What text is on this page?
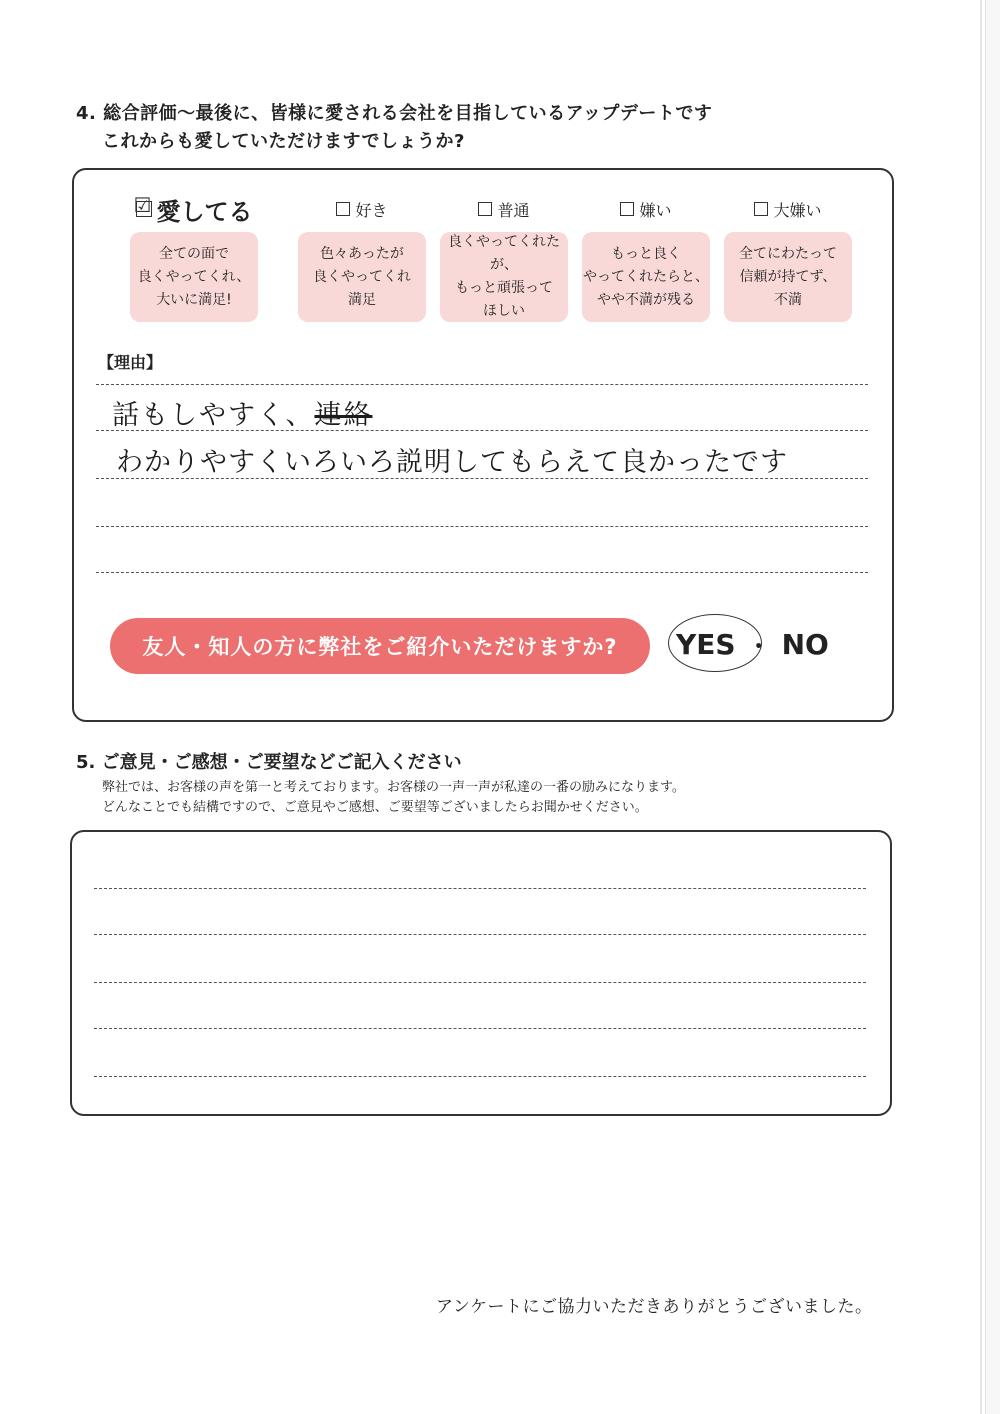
4. 総合評価〜最後に、皆様に愛される会社を目指しているアップデートです
これからも愛していただけますでしょうか?
☑ 愛してる
全ての面で
良くやってくれ、
大いに満足!
好き
色々あったが
良くやってくれ
満足
普通
良くやってくれたが、
もっと頑張って
ほしい
嫌い
もっと良く
やってくれたらと、
やや不満が残る
大嫌い
全てにわたって
信頼が持てず、
不満
【理由】
話もしやすく、連絡
わかりやすくいろいろ説明してもらえて良かったです
友人・知人の方に弊社をご紹介いただけますか?	YES ・ NO
5. ご意見・ご感想・ご要望などご記入ください
弊社では、お客様の声を第一と考えております。お客様の一声一声が私達の一番の励みになります。
どんなことでも結構ですので、ご意見やご感想、ご要望等ございましたらお聞かせください。
アンケートにご協力いただきありがとうございました。
